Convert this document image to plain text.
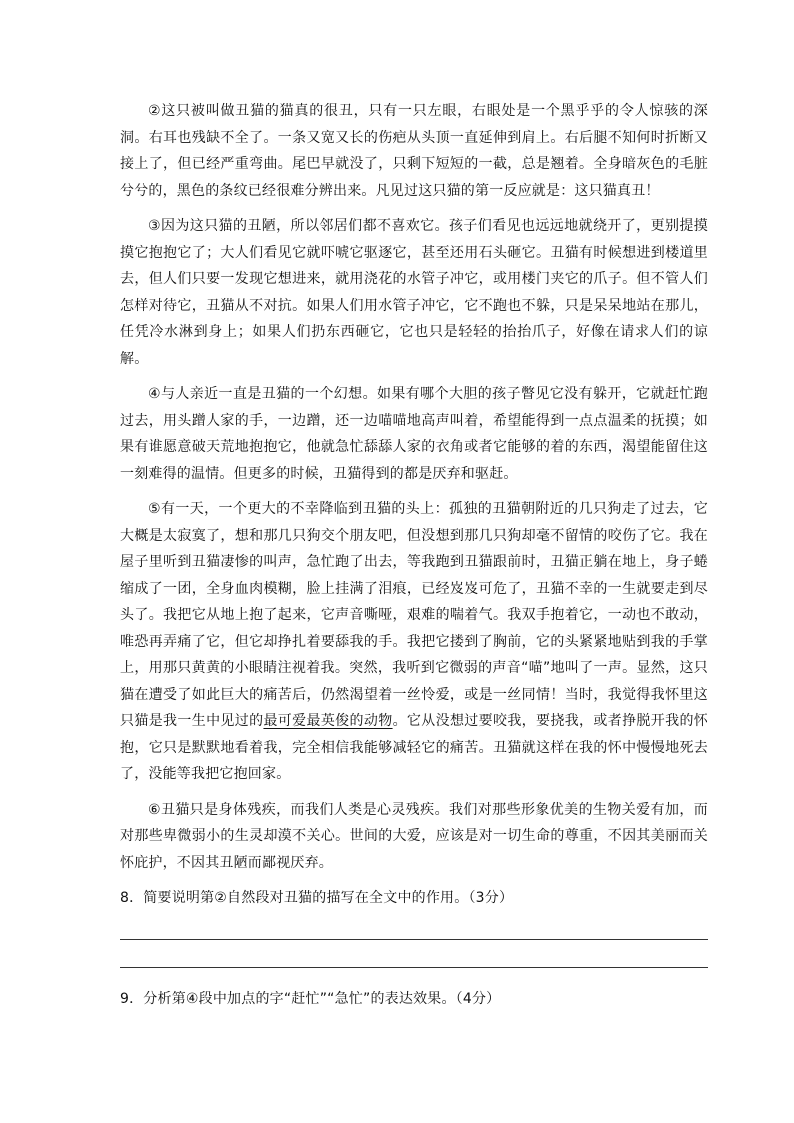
②这只被叫做丑猫的猫真的很丑，只有一只左眼，右眼处是一个黑乎乎的令人惊骇的深洞。右耳也残缺不全了。一条又宽又长的伤疤从头顶一直延伸到肩上。右后腿不知何时折断又接上了，但已经严重弯曲。尾巴早就没了，只剩下短短的一截，总是翘着。全身暗灰色的毛脏兮兮的，黑色的条纹已经很难分辨出来。凡见过这只猫的第一反应就是：这只猫真丑！

③因为这只猫的丑陋，所以邻居们都不喜欢它。孩子们看见也远远地就绕开了，更别提摸摸它抱抱它了；大人们看见它就吓唬它驱逐它，甚至还用石头砸它。丑猫有时候想进到楼道里去，但人们只要一发现它想进来，就用浇花的水管子冲它，或用楼门夹它的爪子。但不管人们怎样对待它，丑猫从不对抗。如果人们用水管子冲它，它不跑也不躲，只是呆呆地站在那儿，任凭冷水淋到身上；如果人们扔东西砸它，它也只是轻轻的抬抬爪子，好像在请求人们的谅解。

④与人亲近一直是丑猫的一个幻想。如果有哪个大胆的孩子瞥见它没有躲开，它就赶忙跑过去，用头蹭人家的手，一边蹭，还一边喵喵地高声叫着，希望能得到一点点温柔的抚摸；如果有谁愿意破天荒地抱抱它，他就急忙舔舔人家的衣角或者它能够的着的东西，渴望能留住这一刻难得的温情。但更多的时候，丑猫得到的都是厌弃和驱赶。

⑤有一天，一个更大的不幸降临到丑猫的头上：孤独的丑猫朝附近的几只狗走了过去，它大概是太寂寞了，想和那几只狗交个朋友吧，但没想到那几只狗却毫不留情的咬伤了它。我在屋子里听到丑猫凄惨的叫声，急忙跑了出去，等我跑到丑猫跟前时，丑猫正躺在地上，身子蜷缩成了一团，全身血肉模糊，脸上挂满了泪痕，已经岌岌可危了，丑猫不幸的一生就要走到尽头了。我把它从地上抱了起来，它声音嘶哑，艰难的喘着气。我双手抱着它，一动也不敢动，唯恐再弄痛了它，但它却挣扎着要舔我的手。我把它搂到了胸前，它的头紧紧地贴到我的手掌上，用那只黄黄的小眼睛注视着我。突然，我听到它微弱的声音“喵”地叫了一声。显然，这只猫在遭受了如此巨大的痛苦后，仍然渴望着一丝怜爱，或是一丝同情！当时，我觉得我怀里这只猫是我一生中见过的最可爱最英俊的动物。它从没想过要咬我，要挠我，或者挣脱开我的怀抱，它只是默默地看着我，完全相信我能够减轻它的痛苦。丑猫就这样在我的怀中慢慢地死去了，没能等我把它抱回家。

⑥丑猫只是身体残疾，而我们人类是心灵残疾。我们对那些形象优美的生物关爱有加，而对那些卑微弱小的生灵却漠不关心。世间的大爱，应该是对一切生命的尊重，不因其美丽而关怀庇护，不因其丑陋而鄙视厌弃。

8．简要说明第②自然段对丑猫的描写在全文中的作用。（3分）

9．分析第④段中加点的字“赶忙”“急忙”的表达效果。（4分）
